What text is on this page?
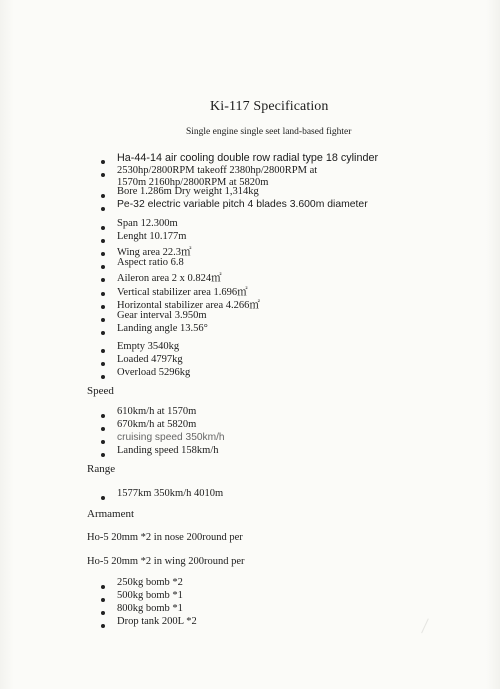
Ki-117 Specification
Single engine single seet land-based fighter
Ha-44-14 air cooling double row radial type 18 cylinder
2530hp/2800RPM takeoff 2380hp/2800RPM at
1570m 2160hp/2800RPM at 5820m
Bore 1.286m Dry weight 1,314kg
Pe-32 electric variable pitch 4 blades 3.600m diameter
Span 12.300m
Lenght 10.177m
Wing area 22.3㎡
Aspect ratio 6.8
Aileron area 2 x 0.824㎡
Vertical stabilizer area 1.696㎡
Horizontal stabilizer area 4.266㎡
Gear interval 3.950m
Landing angle 13.56°
Empty 3540kg
Loaded 4797kg
Overload 5296kg
Speed
610km/h at 1570m
670km/h at 5820m
cruising speed 350km/h
Landing speed 158km/h
Range
1577km 350km/h 4010m
Armament
Ho-5 20mm *2 in nose 200round per
Ho-5 20mm *2 in wing 200round per
250kg bomb *2
500kg bomb *1
800kg bomb *1
Drop tank 200L *2
